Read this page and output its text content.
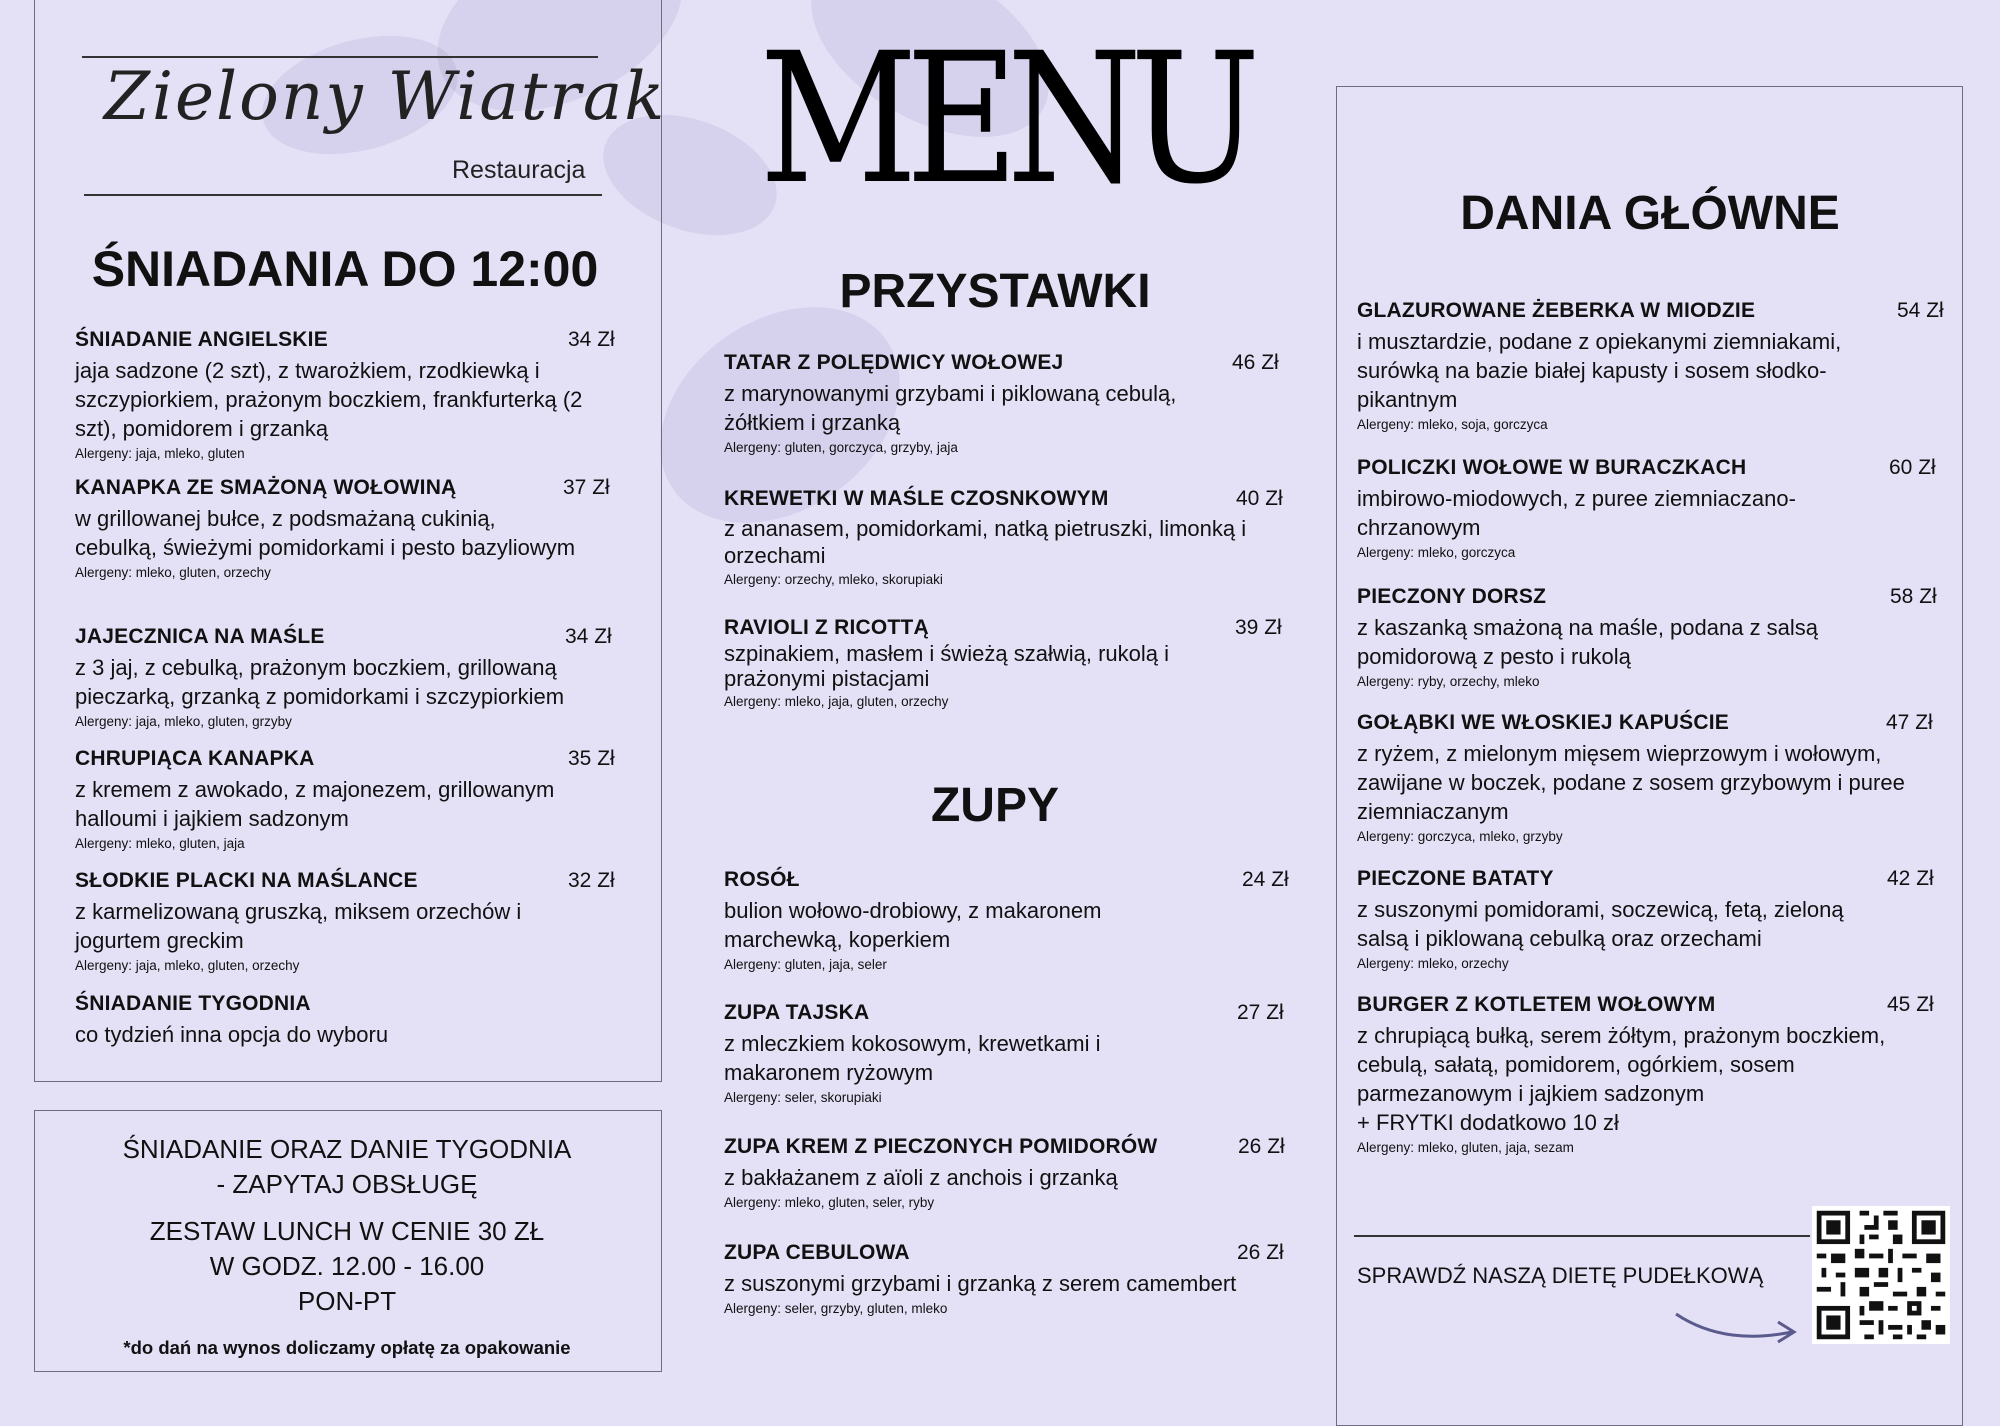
Zielony Wiatrak
Restauracja MENU
ŚNIADANIA DO 12:00	PRZYSTAWKI
ZUPY
DANIA GŁÓWNE
ŚNIADANIE ANGIELSKIE	34 Zł
jaja sadzone (2 szt), z twarożkiem, rzodkiewką i szczypiorkiem, prażonym boczkiem, frankfurterką (2 szt), pomidorem i grzanką
Alergeny: jaja, mleko, gluten
KANAPKA ZE SMAŻONĄ WOŁOWINĄ	37 Zł
w grillowanej bułce, z podsmażaną cukinią, cebulką, świeżymi pomidorkami i pesto bazyliowym
Alergeny: mleko, gluten, orzechy
JAJECZNICA NA MAŚLE	34 Zł
z 3 jaj, z cebulką, prażonym boczkiem, grillowaną pieczarką, grzanką z pomidorkami i szczypiorkiem
Alergeny: jaja, mleko, gluten, grzyby
CHRUPIĄCA KANAPKA	35 Zł
z kremem z awokado, z majonezem, grillowanym halloumi i jajkiem sadzonym
Alergeny: mleko, gluten, jaja
SŁODKIE PLACKI NA MAŚLANCE	32 Zł
z karmelizowaną gruszką, miksem orzechów i jogurtem greckim
Alergeny: jaja, mleko, gluten, orzechy
ŚNIADANIE TYGODNIA
co tydzień inna opcja do wyboru
ŚNIADANIE ORAZ DANIE TYGODNIA
- ZAPYTAJ OBSŁUGĘ
ZESTAW LUNCH W CENIE 30 ZŁ
W GODZ. 12.00 - 16.00
PON-PT
*do dań na wynos doliczamy opłatę za opakowanie
TATAR Z POLĘDWICY WOŁOWEJ	46 Zł
z marynowanymi grzybami i piklowaną cebulą, żółtkiem i grzanką
Alergeny: gluten, gorczyca, grzyby, jaja
KREWETKI W MAŚLE CZOSNKOWYM	40 Zł
z ananasem, pomidorkami, natką pietruszki, limonką i orzechami
Alergeny: orzechy, mleko, skorupiaki
RAVIOLI Z RICOTTĄ	39 Zł
szpinakiem, masłem i świeżą szałwią, rukolą i prażonymi pistacjami
Alergeny: mleko, jaja, gluten, orzechy
ROSÓŁ	24 Zł
bulion wołowo-drobiowy, z makaronem marchewką, koperkiem
Alergeny: gluten, jaja, seler
ZUPA TAJSKA	27 Zł
z mleczkiem kokosowym, krewetkami i makaronem ryżowym
Alergeny: seler, skorupiaki
ZUPA KREM Z PIECZONYCH POMIDORÓW	26 Zł
z bakłażanem z aïoli z anchois i grzanką
Alergeny: mleko, gluten, seler, ryby
ZUPA CEBULOWA	26 Zł
z suszonymi grzybami i grzanką z serem camembert
Alergeny: seler, grzyby, gluten, mleko
GLAZUROWANE ŻEBERKA W MIODZIE	54 Zł
i musztardzie, podane z opiekanymi ziemniakami, surówką na bazie białej kapusty i sosem słodko-pikantnym
Alergeny: mleko, soja, gorczyca
POLICZKI WOŁOWE W BURACZKACH	60 Zł
imbirowo-miodowych, z puree ziemniaczano-chrzanowym
Alergeny: mleko, gorczyca
PIECZONY DORSZ	58 Zł
z kaszanką smażoną na maśle, podana z salsą pomidorową z pesto i rukolą
Alergeny: ryby, orzechy, mleko
GOŁĄBKI WE WŁOSKIEJ KAPUŚCIE	47 Zł
z ryżem, z mielonym mięsem wieprzowym i wołowym, zawijane w boczek, podane z sosem grzybowym i puree ziemniaczanym
Alergeny: gorczyca, mleko, grzyby
PIECZONE BATATY	42 Zł
z suszonymi pomidorami, soczewicą, fetą, zieloną salsą i piklowaną cebulką oraz orzechami
Alergeny: mleko, orzechy
BURGER Z KOTLETEM WOŁOWYM	45 Zł
z chrupiącą bułką, serem żółtym, prażonym boczkiem, cebulą, sałatą, pomidorem, ogórkiem, sosem parmezanowym i jajkiem sadzonym
+ FRYTKI dodatkowo 10 zł
Alergeny: mleko, gluten, jaja, sezam
SPRAWDŹ NASZĄ DIETĘ PUDEŁKOWĄ
